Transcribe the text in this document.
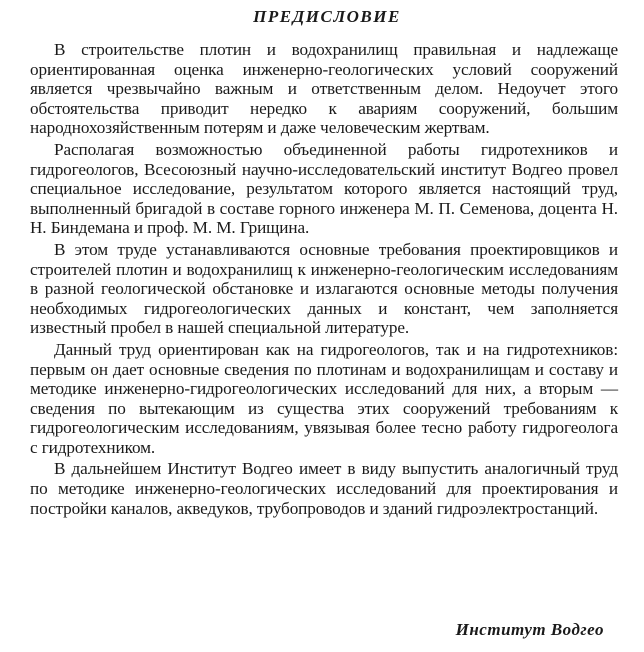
ПРЕДИСЛОВИЕ

В строительстве плотин и водохранилищ правильная и надлежаще ориентированная оценка инженерно-геологических условий сооружений является чрезвычайно важным и ответственным делом. Недоучет этого обстоятельства приводит нередко к авариям сооружений, большим народнохозяйственным потерям и даже человеческим жертвам.

Располагая возможностью объединенной работы гидротехников и гидрогеологов, Всесоюзный научно-исследовательский институт Водгео провел специальное исследование, результатом которого является настоящий труд, выполненный бригадой в составе горного инженера М. П. Семенова, доцента Н. Н. Биндемана и проф. М. М. Грищина.

В этом труде устанавливаются основные требования проектировщиков и строителей плотин и водохранилищ к инженерно-геологическим исследованиям в разной геологической обстановке и излагаются основные методы получения необходимых гидрогеологических данных и констант, чем заполняется известный пробел в нашей специальной литературе.

Данный труд ориентирован как на гидрогеологов, так и на гидротехников: первым он дает основные сведения по плотинам и водохранилищам и составу и методике инженерно-гидрогеологических исследований для них, а вторым — сведения по вытекающим из существа этих сооружений требованиям к гидрогеологическим исследованиям, увязывая более тесно работу гидрогеолога с гидротехником.

В дальнейшем Институт Водгео имеет в виду выпустить аналогичный труд по методике инженерно-геологических исследований для проектирования и постройки каналов, акведуков, трубопроводов и зданий гидроэлектростанций.

Институт Водгео
